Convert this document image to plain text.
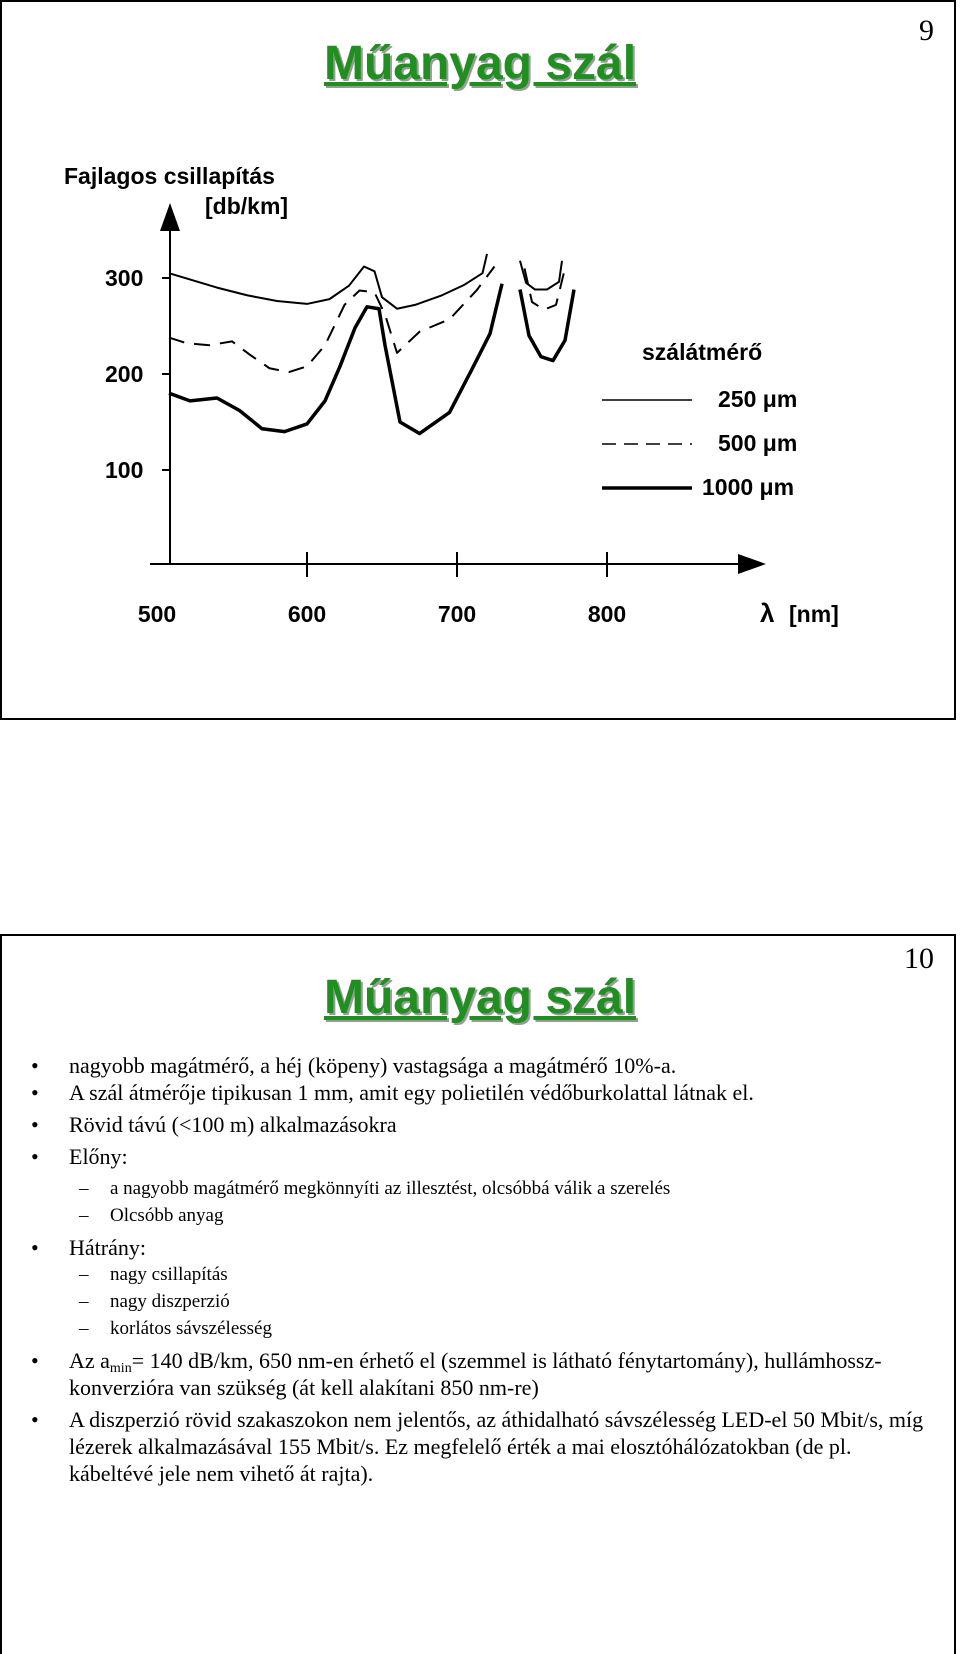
9
Műanyag szál
Fajlagos csillapítás
[db/km]
300
200
100
500	600	700	800	λ [nm]
szálátmérő
250 μm
500 μm
1000 μm
10
Műanyag szál
• nagyobb magátmérő, a héj (köpeny) vastagsága a magátmérő 10%-a.
• A szál átmérője tipikusan 1 mm, amit egy polietilén védőburkolattal látnak el.
• Rövid távú (<100 m) alkalmazásokra
• Előny:
– a nagyobb magátmérő megkönnyíti az illesztést, olcsóbbá válik a szerelés
– Olcsóbb anyag
• Hátrány:
– nagy csillapítás
– nagy diszperzió
– korlátos sávszélesség
• Az $a_{min}= 140$ dB/km, 650 nm-en érhető el (szemmel is látható fénytartomány), hullámhossz-konverzióra van szükség (át kell alakítani 850 nm-re)
• A diszperzió rövid szakaszokon nem jelentős, az áthidalható sávszélesség LED-el 50 Mbit/s, míg lézerek alkalmazásával 155 Mbit/s. Ez megfelelő érték a mai elosztóhálózatokban (de pl. kábeltévé jele nem vihető át rajta).
